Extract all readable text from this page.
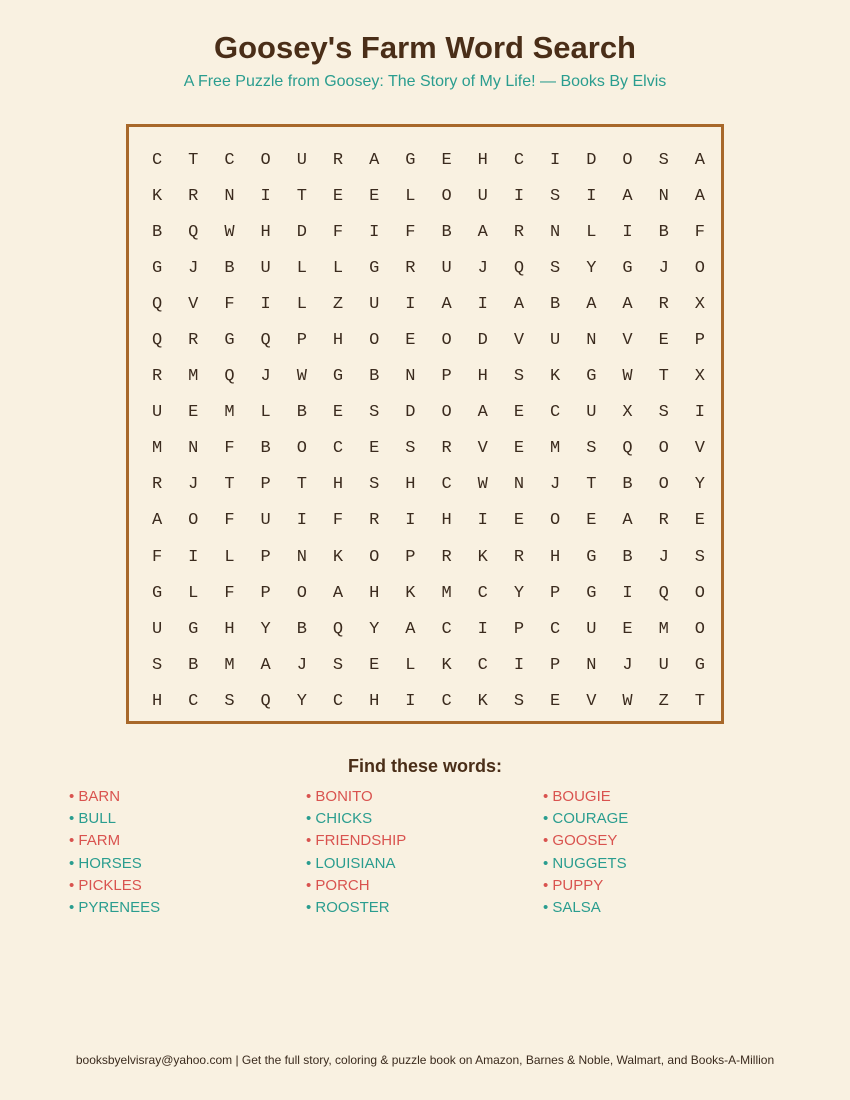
Goosey's Farm Word Search
A Free Puzzle from Goosey: The Story of My Life! — Books By Elvis
C	T	C	O	U	R	A	G	E	H	C	I	D	O	S	A
K	R	N	I	T	E	E	L	O	U	I	S	I	A	N	A
B	Q	W	H	D	F	I	F	B	A	R	N	L	I	B	F
G	J	B	U	L	L	G	R	U	J	Q	S	Y	G	J	O
Q	V	F	I	L	Z	U	I	A	I	A	B	A	A	R	X
Q	R	G	Q	P	H	O	E	O	D	V	U	N	V	E	P
R	M	Q	J	W	G	B	N	P	H	S	K	G	W	T	X
U	E	M	L	B	E	S	D	O	A	E	C	U	X	S	I
M	N	F	B	O	C	E	S	R	V	E	M	S	Q	O	V
R	J	T	P	T	H	S	H	C	W	N	J	T	B	O	Y
A	O	F	U	I	F	R	I	H	I	E	O	E	A	R	E
F	I	L	P	N	K	O	P	R	K	R	H	G	B	J	S
G	L	F	P	O	A	H	K	M	C	Y	P	G	I	Q	O
U	G	H	Y	B	Q	Y	A	C	I	P	C	U	E	M	O
S	B	M	A	J	S	E	L	K	C	I	P	N	J	U	G
H	C	S	Q	Y	C	H	I	C	K	S	E	V	W	Z	T
Find these words:
• BARN	• BONITO	• BOUGIE
• BULL	• CHICKS	• COURAGE
• FARM	• FRIENDSHIP	• GOOSEY
• HORSES	• LOUISIANA	• NUGGETS
• PICKLES	• PORCH	• PUPPY
• PYRENEES	• ROOSTER	• SALSA
booksbyelvisray@yahoo.com | Get the full story, coloring & puzzle book on Amazon, Barnes & Noble, Walmart, and Books-A-Million
